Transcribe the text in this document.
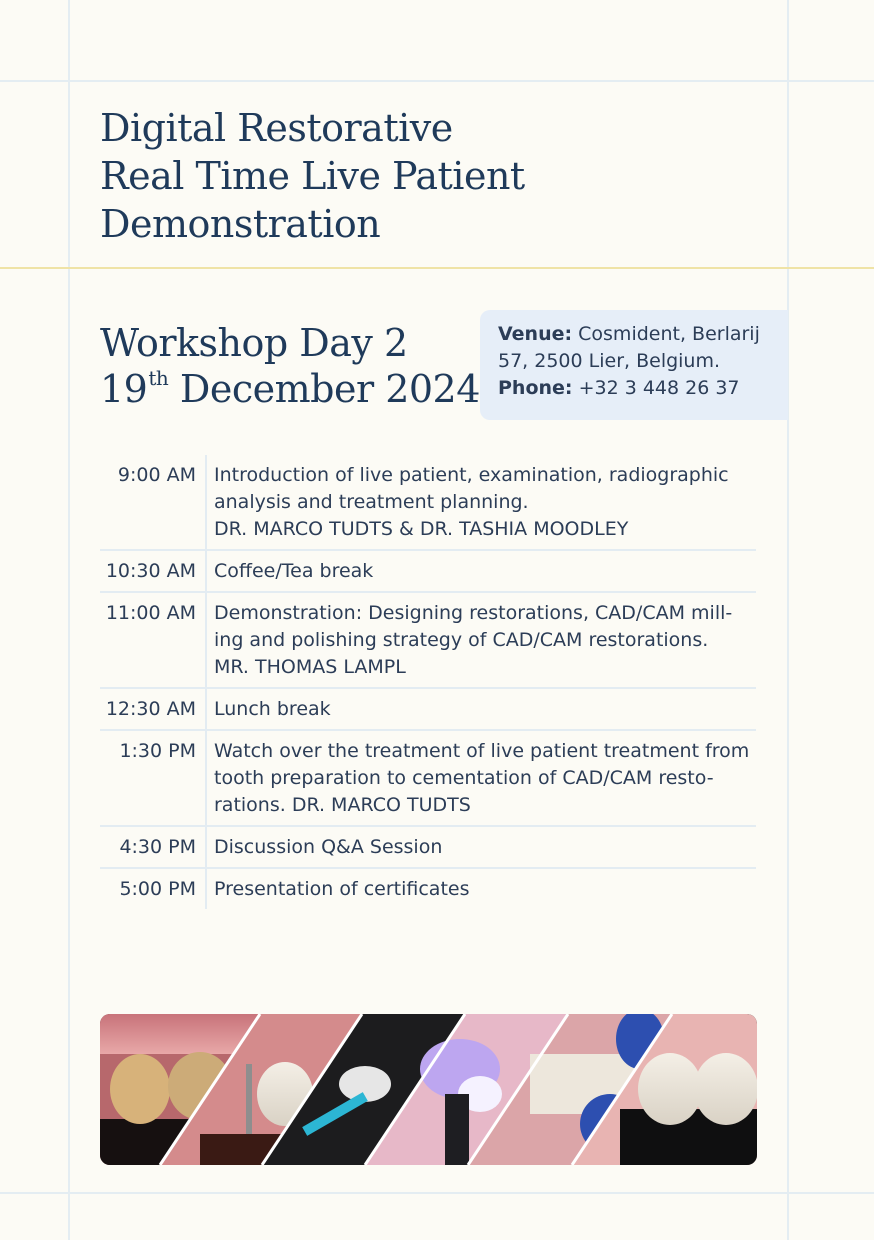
Digital Restorative
Real Time Live Patient
Demonstration
Workshop Day 2
19th December 2024
Venue: Cosmident, Berlarij
57, 2500 Lier, Belgium.
Phone: +32 3 448 26 37
9:00 AM Introduction of live patient, examination, radiographic
analysis and treatment planning.
DR. MARCO TUDTS & DR. TASHIA MOODLEY
10:30 AM Coffee/Tea break
11:00 AM Demonstration: Designing restorations, CAD/CAM mill-
ing and polishing strategy of CAD/CAM restorations.
MR. THOMAS LAMPL
12:30 AM Lunch break
1:30 PM Watch over the treatment of live patient treatment from
tooth preparation to cementation of CAD/CAM resto-
rations. DR. MARCO TUDTS
4:30 PM Discussion Q&A Session
5:00 PM Presentation of certificates
